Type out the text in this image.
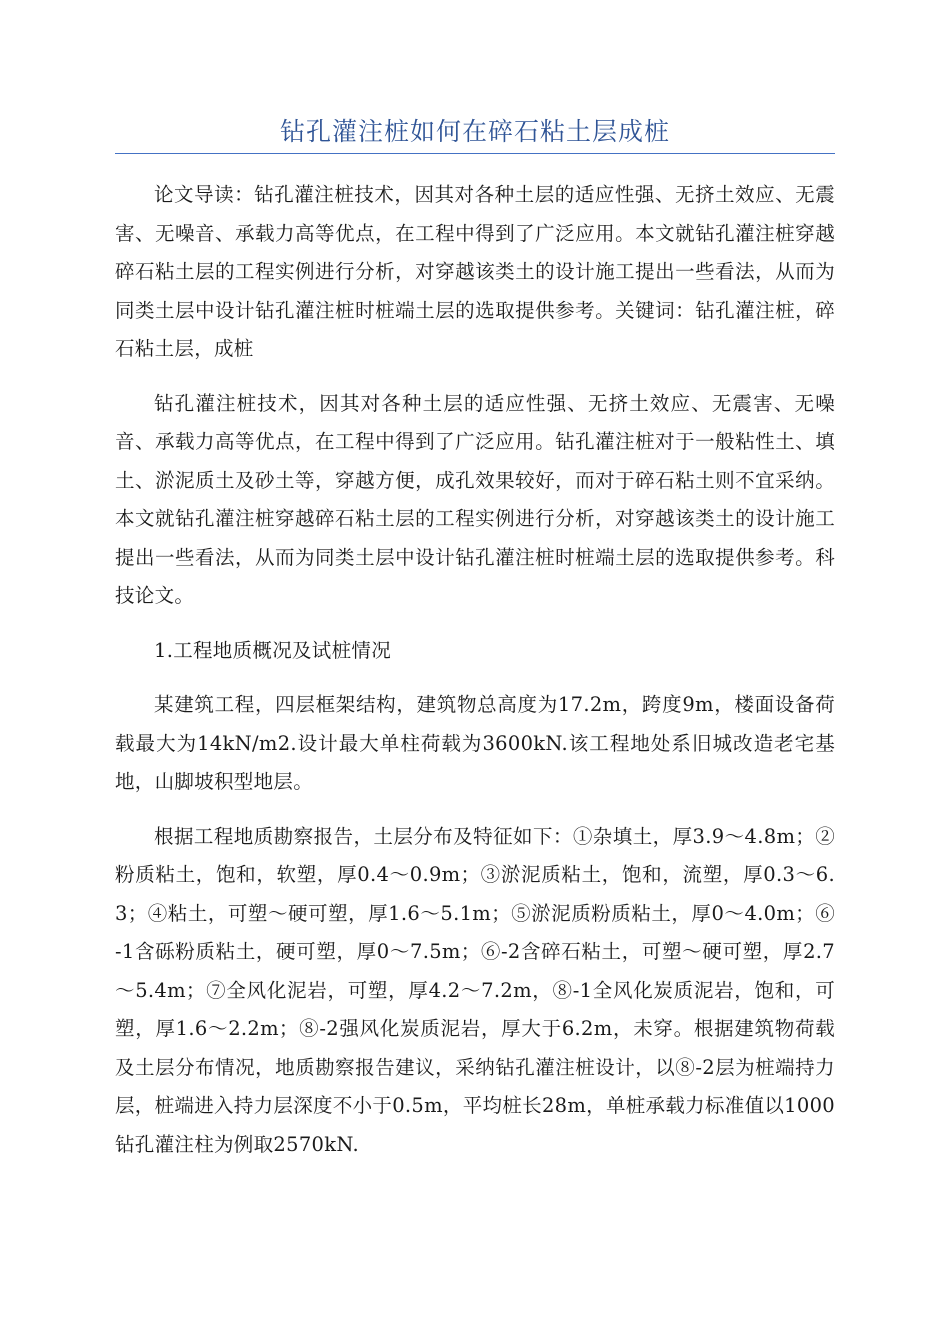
钻孔灌注桩如何在碎石粘土层成桩

论文导读：钻孔灌注桩技术，因其对各种土层的适应性强、无挤土效应、无震害、无噪音、承载力高等优点，在工程中得到了广泛应用。本文就钻孔灌注桩穿越碎石粘土层的工程实例进行分析，对穿越该类土的设计施工提出一些看法，从而为同类土层中设计钻孔灌注桩时桩端土层的选取提供参考。关键词：钻孔灌注桩，碎石粘土层，成桩

钻孔灌注桩技术，因其对各种土层的适应性强、无挤土效应、无震害、无噪音、承载力高等优点，在工程中得到了广泛应用。钻孔灌注桩对于一般粘性土、填土、淤泥质土及砂土等，穿越方便，成孔效果较好，而对于碎石粘土则不宜采纳。本文就钻孔灌注桩穿越碎石粘土层的工程实例进行分析，对穿越该类土的设计施工提出一些看法，从而为同类土层中设计钻孔灌注桩时桩端土层的选取提供参考。科技论文。

1.工程地质概况及试桩情况

某建筑工程，四层框架结构，建筑物总高度为17.2m，跨度9m，楼面设备荷载最大为14kN/m2.设计最大单柱荷载为3600kN.该工程地处系旧城改造老宅基地，山脚坡积型地层。

根据工程地质勘察报告，土层分布及特征如下：①杂填土，厚3.9～4.8m；②粉质粘土，饱和，软塑，厚0.4～0.9m；③淤泥质粘土，饱和，流塑，厚0.3～6.3；④粘土，可塑～硬可塑，厚1.6～5.1m；⑤淤泥质粉质粘土，厚0～4.0m；⑥-1含砾粉质粘土，硬可塑，厚0～7.5m；⑥-2含碎石粘土，可塑～硬可塑，厚2.7～5.4m；⑦全风化泥岩，可塑，厚4.2～7.2m，⑧-1全风化炭质泥岩，饱和，可塑，厚1.6～2.2m；⑧-2强风化炭质泥岩，厚大于6.2m，未穿。根据建筑物荷载及土层分布情况，地质勘察报告建议，采纳钻孔灌注桩设计，以⑧-2层为桩端持力层，桩端进入持力层深度不小于0.5m，平均桩长28m，单桩承载力标准值以1000钻孔灌注柱为例取2570kN.
